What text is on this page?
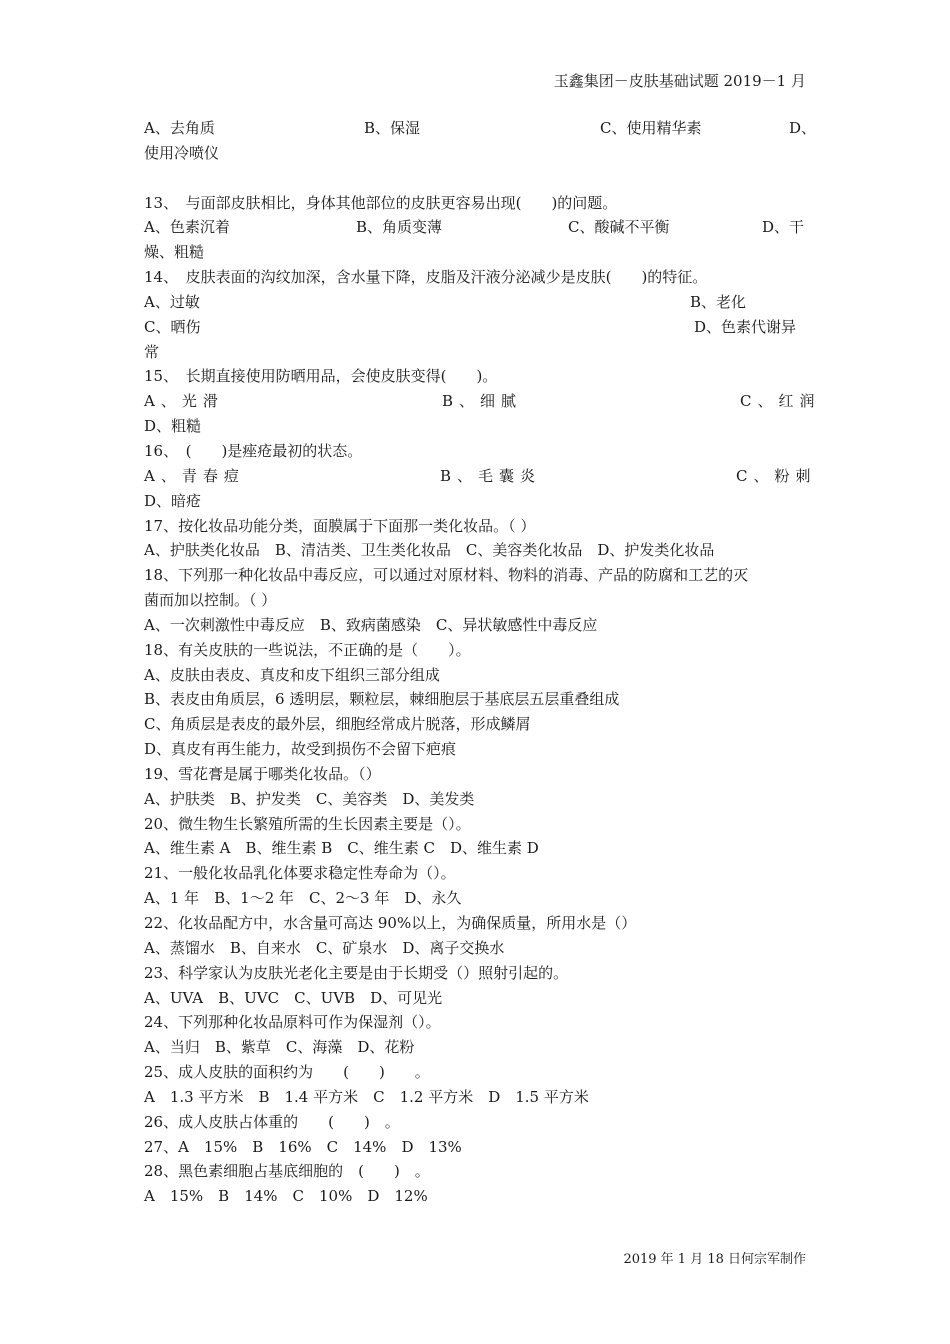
玉鑫集团－皮肤基础试题 2019－1 月
A、去角质	B、保湿	C、使用精华素	D、
使用冷喷仪
13、　与面部皮肤相比，身体其他部位的皮肤更容易出现(　　)的问题。
A、色素沉着	B、角质变薄	C、酸碱不平衡	D、干
燥、粗糙
14、　皮肤表面的沟纹加深，含水量下降，皮脂及汗液分泌减少是皮肤(　　)的特征。
A、过敏	B、老化
C、晒伤	D、色素代谢异
常
15、　长期直接使用防晒用品，会使皮肤变得(　　)。
A、光滑	B、细腻	C、红润
D、粗糙
16、　(　　)是痤疮最初的状态。
A、青春痘	B、毛囊炎	C、粉刺
D、暗疮
17、按化妆品功能分类，面膜属于下面那一类化妆品。（ ）
A、护肤类化妆品　B、清洁类、卫生类化妆品　C、美容类化妆品　D、护发类化妆品
18、下列那一种化妆品中毒反应，可以通过对原材料、物料的消毒、产品的防腐和工艺的灭
菌而加以控制。（ ）
A、一次刺激性中毒反应　B、致病菌感染　C、异状敏感性中毒反应
18、有关皮肤的一些说法，不正确的是（　　）。
A、皮肤由表皮、真皮和皮下组织三部分组成
B、表皮由角质层，6 透明层，颗粒层，棘细胞层于基底层五层重叠组成
C、角质层是表皮的最外层，细胞经常成片脱落，形成鳞屑
D、真皮有再生能力，故受到损伤不会留下疤痕
19、雪花膏是属于哪类化妆品。（）
A、护肤类　B、护发类　C、美容类　D、美发类
20、微生物生长繁殖所需的生长因素主要是（）。
A、维生素 A　B、维生素 B　C、维生素 C　D、维生素 D
21、一般化妆品乳化体要求稳定性寿命为（）。
A、1 年　B、1～2 年　C、2～3 年　D、永久
22、化妆品配方中，水含量可高达 90%以上，为确保质量，所用水是（）
A、蒸馏水　B、自来水　C、矿泉水　D、离子交换水
23、科学家认为皮肤光老化主要是由于长期受（）照射引起的。
A、UVA　B、UVC　C、UVB　D、可见光
24、下列那种化妆品原料可作为保湿剂（）。
A、当归　B、紫草　C、海藻　D、花粉
25、成人皮肤的面积约为　　(　　)　　。
A　1.3 平方米　B　1.4 平方米　C　1.2 平方米　D　1.5 平方米
26、成人皮肤占体重的　　(　　)　。
27、A　15%　B　16%　C　14%　D　13%
28、黑色素细胞占基底细胞的　(　　)　。
A　15%　B　14%　C　10%　D　12%
2019 年 1 月 18 日何宗军制作
